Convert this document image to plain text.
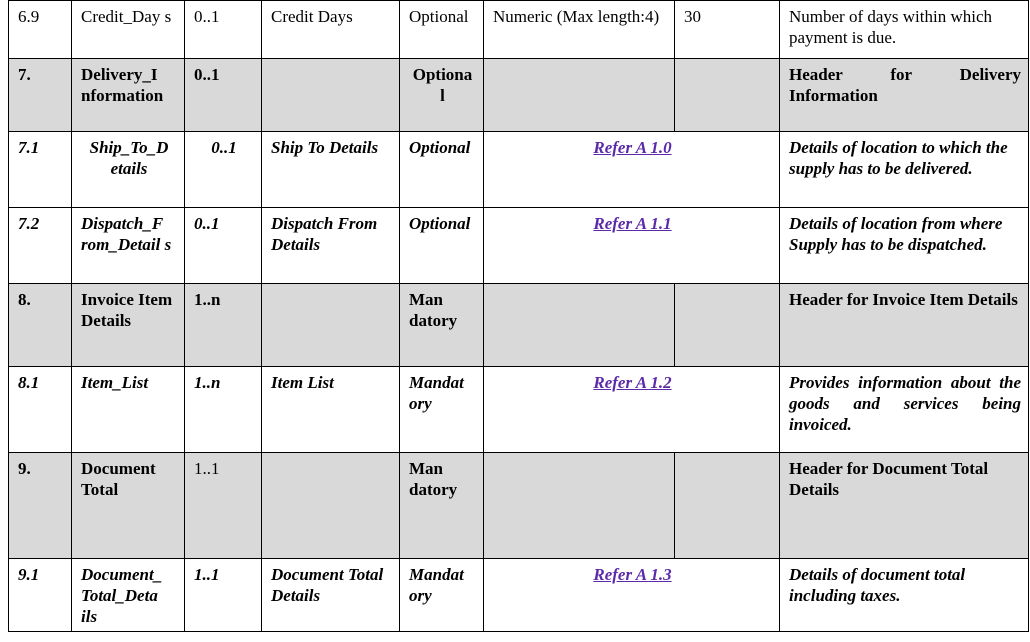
6.9	Credit_Day s	0..1	Credit Days	Optional	Numeric (Max length:4)	30	Number of days within which payment is due.
7.	Delivery_I nformation	0..1		Optiona l			Header for Delivery Information
7.1	Ship_To_D etails	0..1	Ship To Details	Optional	Refer A 1.0		Details of location to which the supply has to be delivered.
7.2	Dispatch_F rom_Detail s	0..1	Dispatch From Details	Optional	Refer A 1.1		Details of location from where Supply has to be dispatched.
8.	Invoice Item Details	1..n		Man datory			Header for Invoice Item Details
8.1	Item_List	1..n	Item List	Mandat ory	Refer A 1.2		Provides information about the goods and services being invoiced.
9.	Document Total	1..1		Man datory			Header for Document Total Details
9.1	Document_ Total_Deta ils	1..1	Document Total Details	Mandat ory	Refer A 1.3		Details of document total including taxes.
